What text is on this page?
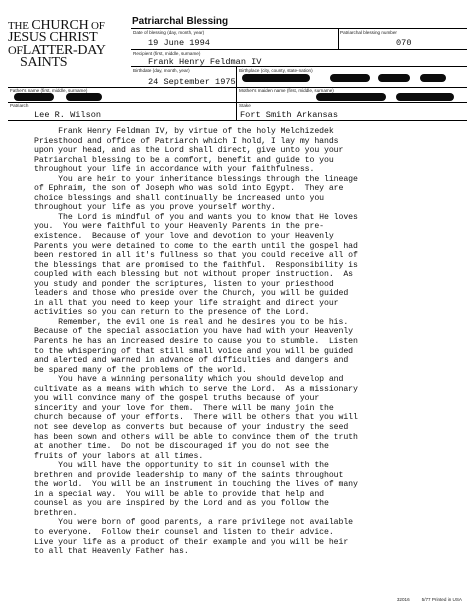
THE CHURCH OF
JESUS CHRIST
OFLATTER-DAY
SAINTS
Patriarchal Blessing
Date of blessing (day, month, year)
19 June 1994
Patriarchal blessing number
070
Recipient (first, middle, surname)
Frank Henry Feldman IV
Birthdate (day, month, year)
24 September 1975
Birthplace (city, county, state-nation)
Father's name (first, middle, surname)	Mother's maiden name (first, middle, surname)
Patriarch
Lee R. Wilson
Stake
Fort Smith Arkansas

Frank Henry Feldman IV, by virtue of the holy Melchizedek

Priesthood and office of Patriarch which I hold, I lay my hands

upon your head, and as the Lord shall direct, give unto you your

Patriarchal blessing to be a comfort, benefit and guide to you

throughout your life in accordance with your faithfulness.

You are heir to your inheritance blessings through the lineage

of Ephraim, the son of Joseph who was sold into Egypt.  They are

choice blessings and shall continually be increased unto you

throughout your life as you prove yourself worthy.

The Lord is mindful of you and wants you to know that He loves

you.  You were faithful to your Heavenly Parents in the pre-

existence.  Because of your love and devotion to your Heavenly

Parents you were detained to come to the earth until the gospel had

been restored in all it's fullness so that you could receive all of

the blessings that are promised to the faithful.  Responsibility is

coupled with each blessing but not without proper instruction.  As

you study and ponder the scriptures, listen to your priesthood

leaders and those who preside over the Church, you will be guided

in all that you need to keep your life straight and direct your

activities so you can return to the presence of the Lord.

Remember, the evil one is real and he desires you to be his.

Because of the special association you have had with your Heavenly

Parents he has an increased desire to cause you to stumble.  Listen

to the whispering of that still small voice and you will be guided

and alerted and warned in advance of difficulties and dangers and

be spared many of the problems of the world.

You have a winning personality which you should develop and

cultivate as a means with which to serve the Lord.  As a missionary

you will convince many of the gospel truths because of your

sincerity and your love for them.  There will be many join the

church because of your efforts.  There will be others that you will

not see develop as converts but because of your industry the seed

has been sown and others will be able to convince them of the truth

at another time.  Do not be discouraged if you do not see the

fruits of your labors at all times.

You will have the opportunity to sit in counsel with the

brethren and provide leadership to many of the saints throughout

the world.  You will be an instrument in touching the lives of many

in a special way.  You will be able to provide that help and

counsel as you are inspired by the Lord and as you follow the

brethren.

You were born of good parents, a rare privilege not available

to everyone.  Follow their counsel and listen to their advice.

Live your life as a product of their example and you will be heir

to all that Heavenly Father has.

32016	5/77 Printed in USA
